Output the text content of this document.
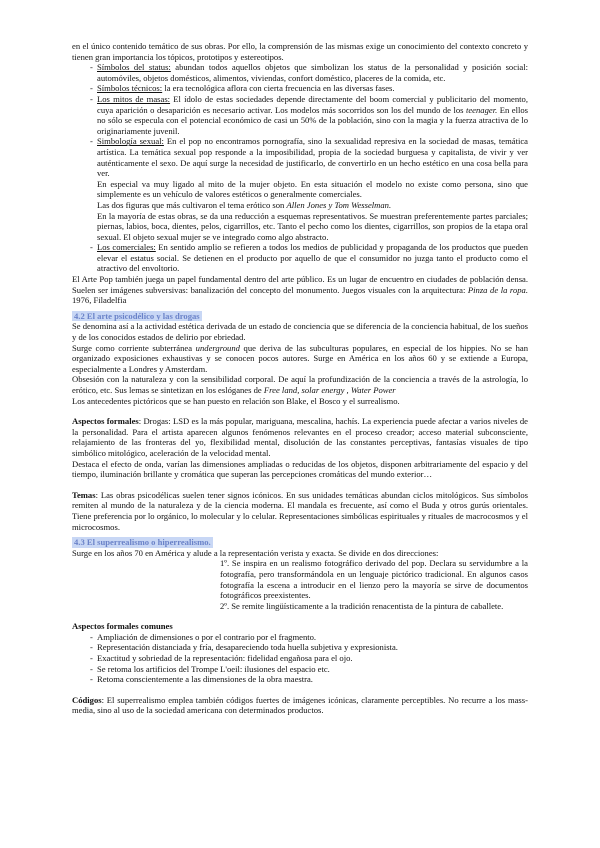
en el único contenido temático de sus obras. Por ello, la comprensión de las mismas exige un conocimiento del contexto concreto y tienen gran importancia los tópicos, prototipos y estereotipos.

- Símbolos del status: abundan todos aquellos objetos que simbolizan los status de la personalidad y posición social: automóviles, objetos domésticos, alimentos, viviendas, confort doméstico, placeres de la comida, etc.
- Símbolos técnicos: la era tecnológica aflora con cierta frecuencia en las diversas fases.
- Los mitos de masas: El ídolo de estas sociedades depende directamente del boom comercial y publicitario del momento, cuya aparición o desaparición es necesario activar. Los modelos más socorridos son los del mundo de los teenager. En ellos no sólo se especula con el potencial económico de casi un 50% de la población, sino con la magia y la fuerza atractiva de lo originariamente juvenil.
- Simbología sexual: En el pop no encontramos pornografía, sino la sexualidad represiva en la sociedad de masas, temática artística. La temática sexual pop responde a la imposibilidad, propia de la sociedad burguesa y capitalista, de vivir y ver auténticamente el sexo. De aquí surge la necesidad de justificarlo, de convertirlo en un hecho estético en una cosa bella para ver.
En especial va muy ligado al mito de la mujer objeto. En esta situación el modelo no existe como persona, sino que simplemente es un vehículo de valores estéticos o generalmente comerciales.
Las dos figuras que más cultivaron el tema erótico son Allen Jones y Tom Wesselman.
En la mayoría de estas obras, se da una reducción a esquemas representativos. Se muestran preferentemente partes parciales; piernas, labios, boca, dientes, pelos, cigarrillos, etc. Tanto el pecho como los dientes, cigarrillos, son propios de la etapa oral sexual. El objeto sexual mujer se ve integrado como algo abstracto.
- Los comerciales: En sentido amplio se refieren a todos los medios de publicidad y propaganda de los productos que pueden elevar el estatus social. Se detienen en el producto por aquello de que el consumidor no juzga tanto el producto como el atractivo del envoltorio.

El Arte Pop también juega un papel fundamental dentro del arte público. Es un lugar de encuentro en ciudades de población densa. Suelen ser imágenes subversivas: banalización del concepto del monumento. Juegos visuales con la arquitectura: Pinza de la ropa. 1976, Filadelfia

4.2 El arte psicodélico y las drogas

Se denomina así a la actividad estética derivada de un estado de conciencia que se diferencia de la conciencia habitual, de los sueños y de los conocidos estados de delirio por ebriedad.

Surge como corriente subterránea underground que deriva de las subculturas populares, en especial de los hippies. No se han organizado exposiciones exhaustivas y se conocen pocos autores. Surge en América en los años 60 y se extiende a Europa, especialmente a Londres y Amsterdam.

Obsesión con la naturaleza y con la sensibilidad corporal. De aquí la profundización de la conciencia a través de la astrología, lo erótico, etc. Sus lemas se sintetizan en los eslóganes de Free land, solar energy , Water Power

Los antecedentes pictóricos que se han puesto en relación son Blake, el Bosco y el surrealismo.

Aspectos formales: Drogas: LSD es la más popular, mariguana, mescalina, hachís. La experiencia puede afectar a varios niveles de la personalidad. Para el artista aparecen algunos fenómenos relevantes en el proceso creador; acceso material subconsciente, relajamiento de las fronteras del yo, flexibilidad mental, disolución de las constantes perceptivas, fantasías visuales de tipo simbólico mitológico, aceleración de la velocidad mental.

Destaca el efecto de onda, varían las dimensiones ampliadas o reducidas de los objetos, disponen arbitrariamente del espacio y del tiempo, iluminación brillante y cromática que superan las percepciones cromáticas del mundo exterior…

Temas: Las obras psicodélicas suelen tener signos icónicos. En sus unidades temáticas abundan ciclos mitológicos. Sus símbolos remiten al mundo de la naturaleza y de la ciencia moderna. El mandala es frecuente, así como el Buda y otros gurús orientales. Tiene preferencia por lo orgánico, lo molecular y lo celular. Representaciones simbólicas espirituales y rituales de macrocosmos y el microcosmos.

4.3 El superrealismo o hiperrealismo.

Surge en los años 70 en América y alude a la representación verista y exacta. Se divide en dos direcciones:

1º. Se inspira en un realismo fotográfico derivado del pop. Declara su servidumbre a la fotografía, pero transformándola en un lenguaje pictórico tradicional. En algunos casos fotografía la escena a introducir en el lienzo pero la mayoría se sirve de documentos fotográficos preexistentes.

2º. Se remite lingüísticamente a la tradición renacentista de la pintura de caballete.

Aspectos formales comunes

- Ampliación de dimensiones o por el contrario por el fragmento.
- Representación distanciada y fría, desapareciendo toda huella subjetiva y expresionista.
- Exactitud y sobriedad de la representación: fidelidad engañosa para el ojo.
- Se retoma los artificios del Trompe L'oeil: ilusiones del espacio etc.
- Retoma conscientemente a las dimensiones de la obra maestra.

Códigos: El superrealismo emplea también códigos fuertes de imágenes icónicas, claramente perceptibles. No recurre a los mass-media, sino al uso de la sociedad americana con determinados productos.
